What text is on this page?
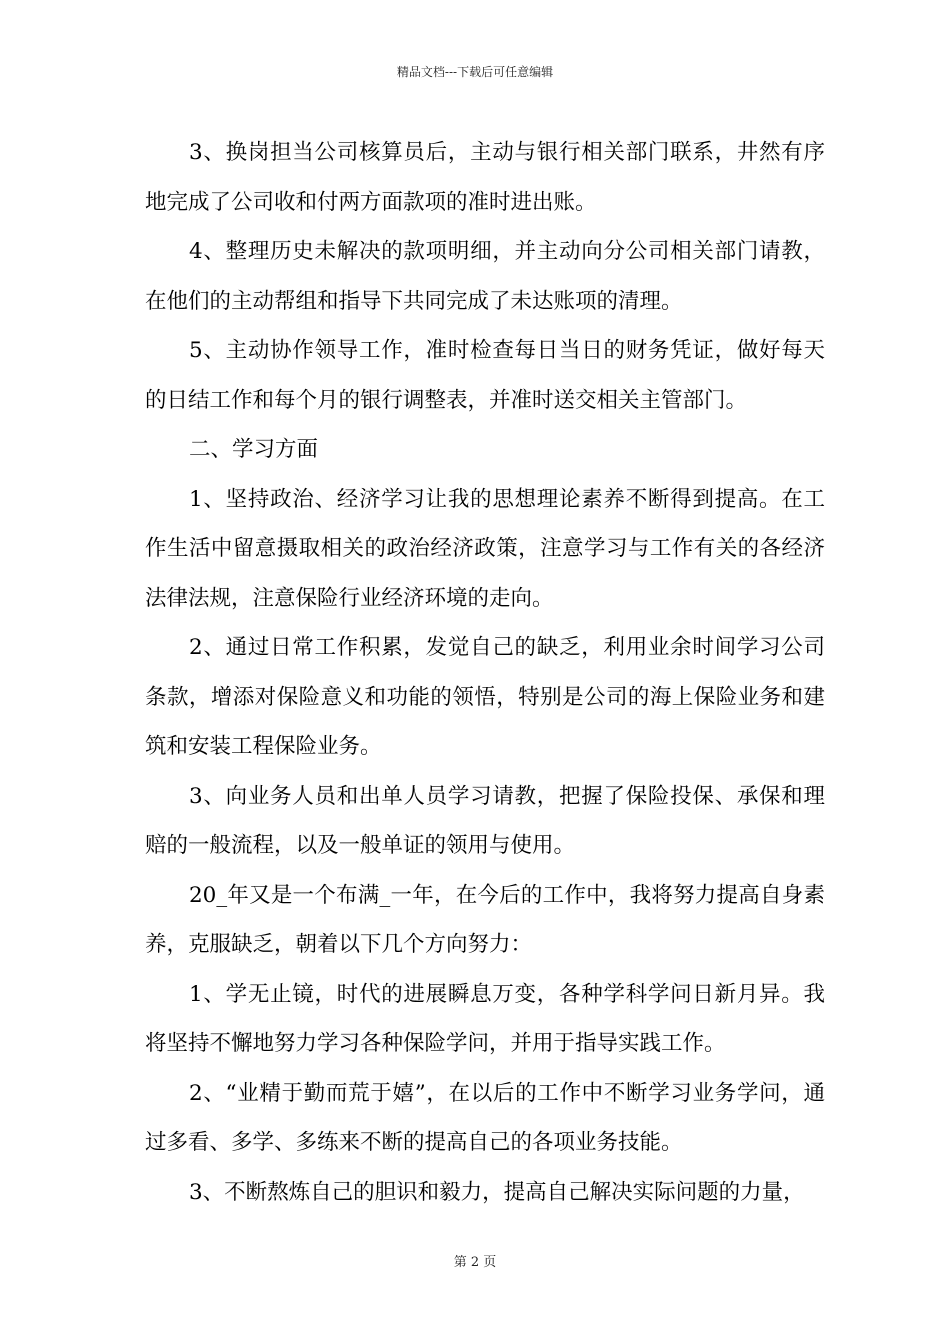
精品文档---下载后可任意编辑

3、换岗担当公司核算员后，主动与银行相关部门联系，井然有序地完成了公司收和付两方面款项的准时进出账。

4、整理历史未解决的款项明细，并主动向分公司相关部门请教，在他们的主动帮组和指导下共同完成了未达账项的清理。

5、主动协作领导工作，准时检查每日当日的财务凭证，做好每天的日结工作和每个月的银行调整表，并准时送交相关主管部门。

二、学习方面

1、坚持政治、经济学习让我的思想理论素养不断得到提高。在工作生活中留意摄取相关的政治经济政策，注意学习与工作有关的各经济法律法规，注意保险行业经济环境的走向。

2、通过日常工作积累，发觉自己的缺乏，利用业余时间学习公司条款，增添对保险意义和功能的领悟，特别是公司的海上保险业务和建筑和安装工程保险业务。

3、向业务人员和出单人员学习请教，把握了保险投保、承保和理赔的一般流程，以及一般单证的领用与使用。

20_年又是一个布满_一年，在今后的工作中，我将努力提高自身素养，克服缺乏，朝着以下几个方向努力：

1、学无止镜，时代的进展瞬息万变，各种学科学问日新月异。我将坚持不懈地努力学习各种保险学问，并用于指导实践工作。

2、“业精于勤而荒于嬉”，在以后的工作中不断学习业务学问，通过多看、多学、多练来不断的提高自己的各项业务技能。

3、不断熬炼自己的胆识和毅力，提高自己解决实际问题的力量，

第 2 页
